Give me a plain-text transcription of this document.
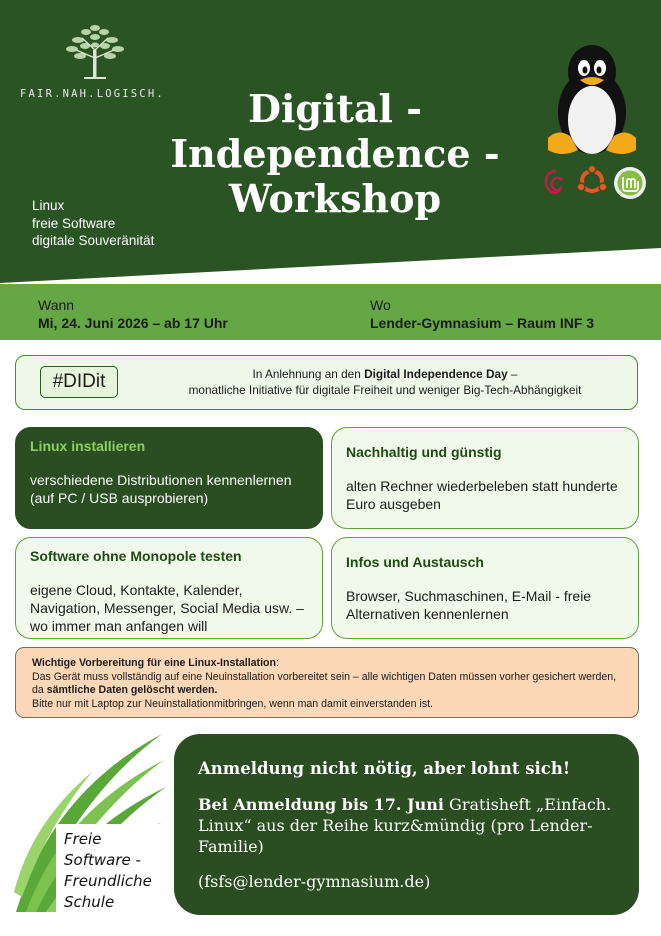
FAIR.NAH.LOGISCH.	Digital -
Independence -
Workshop
Linux
freie Software
digitale Souveränität
Wann
Mi, 24. Juni 2026 – ab 17 Uhr
Wo
Lender-Gymnasium – Raum INF 3
#DIDit	In Anlehnung an den Digital Independence Day –
monatliche Initiative für digitale Freiheit und weniger Big-Tech-Abhängigkeit
Linux installieren
verschiedene Distributionen kennenlernen (auf PC / USB ausprobieren)
Nachhaltig und günstig
alten Rechner wiederbeleben statt hunderte Euro ausgeben
Software ohne Monopole testen
eigene Cloud, Kontakte, Kalender, Navigation, Messenger, Social Media usw. – wo immer man anfangen will
Infos und Austausch
Browser, Suchmaschinen, E-Mail - freie Alternativen kennenlernen
Wichtige Vorbereitung für eine Linux-Installation:
Das Gerät muss vollständig auf eine Neuinstallation vorbereitet sein – alle wichtigen Daten müssen vorher gesichert werden, da sämtliche Daten gelöscht werden.
Bitte nur mit Laptop zur Neuinstallationmitbringen, wenn man damit einverstanden ist.
Freie
Software -
Freundliche
Schule
Anmeldung nicht nötig, aber lohnt sich!
Bei Anmeldung bis 17. Juni Gratisheft „Einfach. Linux“ aus der Reihe kurz&mündig (pro Lender-Familie)
(fsfs@lender-gymnasium.de)
